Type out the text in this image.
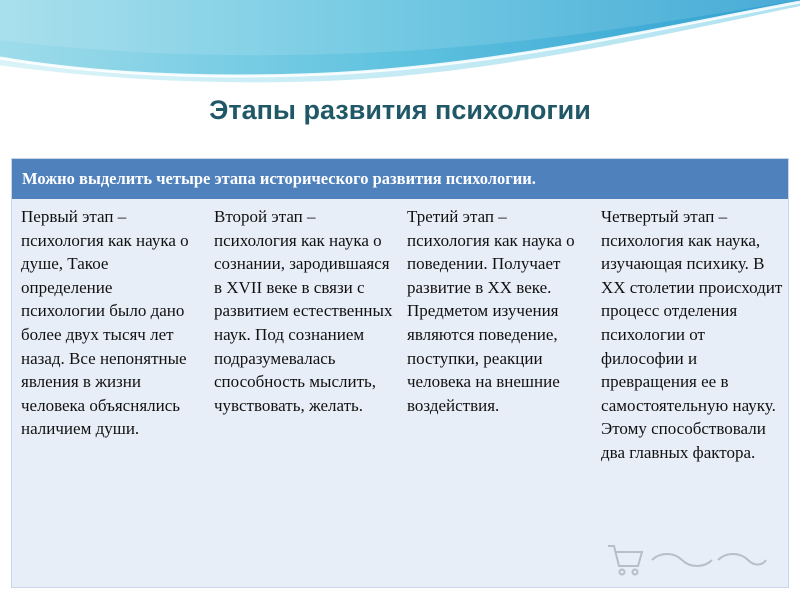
Этапы развития психологии
Можно выделить четыре этапа исторического развития психологии.
Первый этап – психология как наука о душе, Такое определение психологии было дано более двух тысяч лет назад. Все непонятные явления в жизни человека объяснялись наличием души.
Второй этап – психология как наука о сознании, зародившаяся в XVII веке в связи с развитием естественных наук. Под сознанием подразумевалась способность мыслить, чувствовать, желать.
Третий этап – психология как наука о поведении. Получает развитие в XX веке. Предметом изучения являются поведение, поступки, реакции человека на внешние воздействия.
Четвертый этап – психология как наука, изучающая психику. В XX столетии происходит процесс отделения психологии от философии и превращения ее в самостоятельную науку. Этому способствовали два главных фактора.
